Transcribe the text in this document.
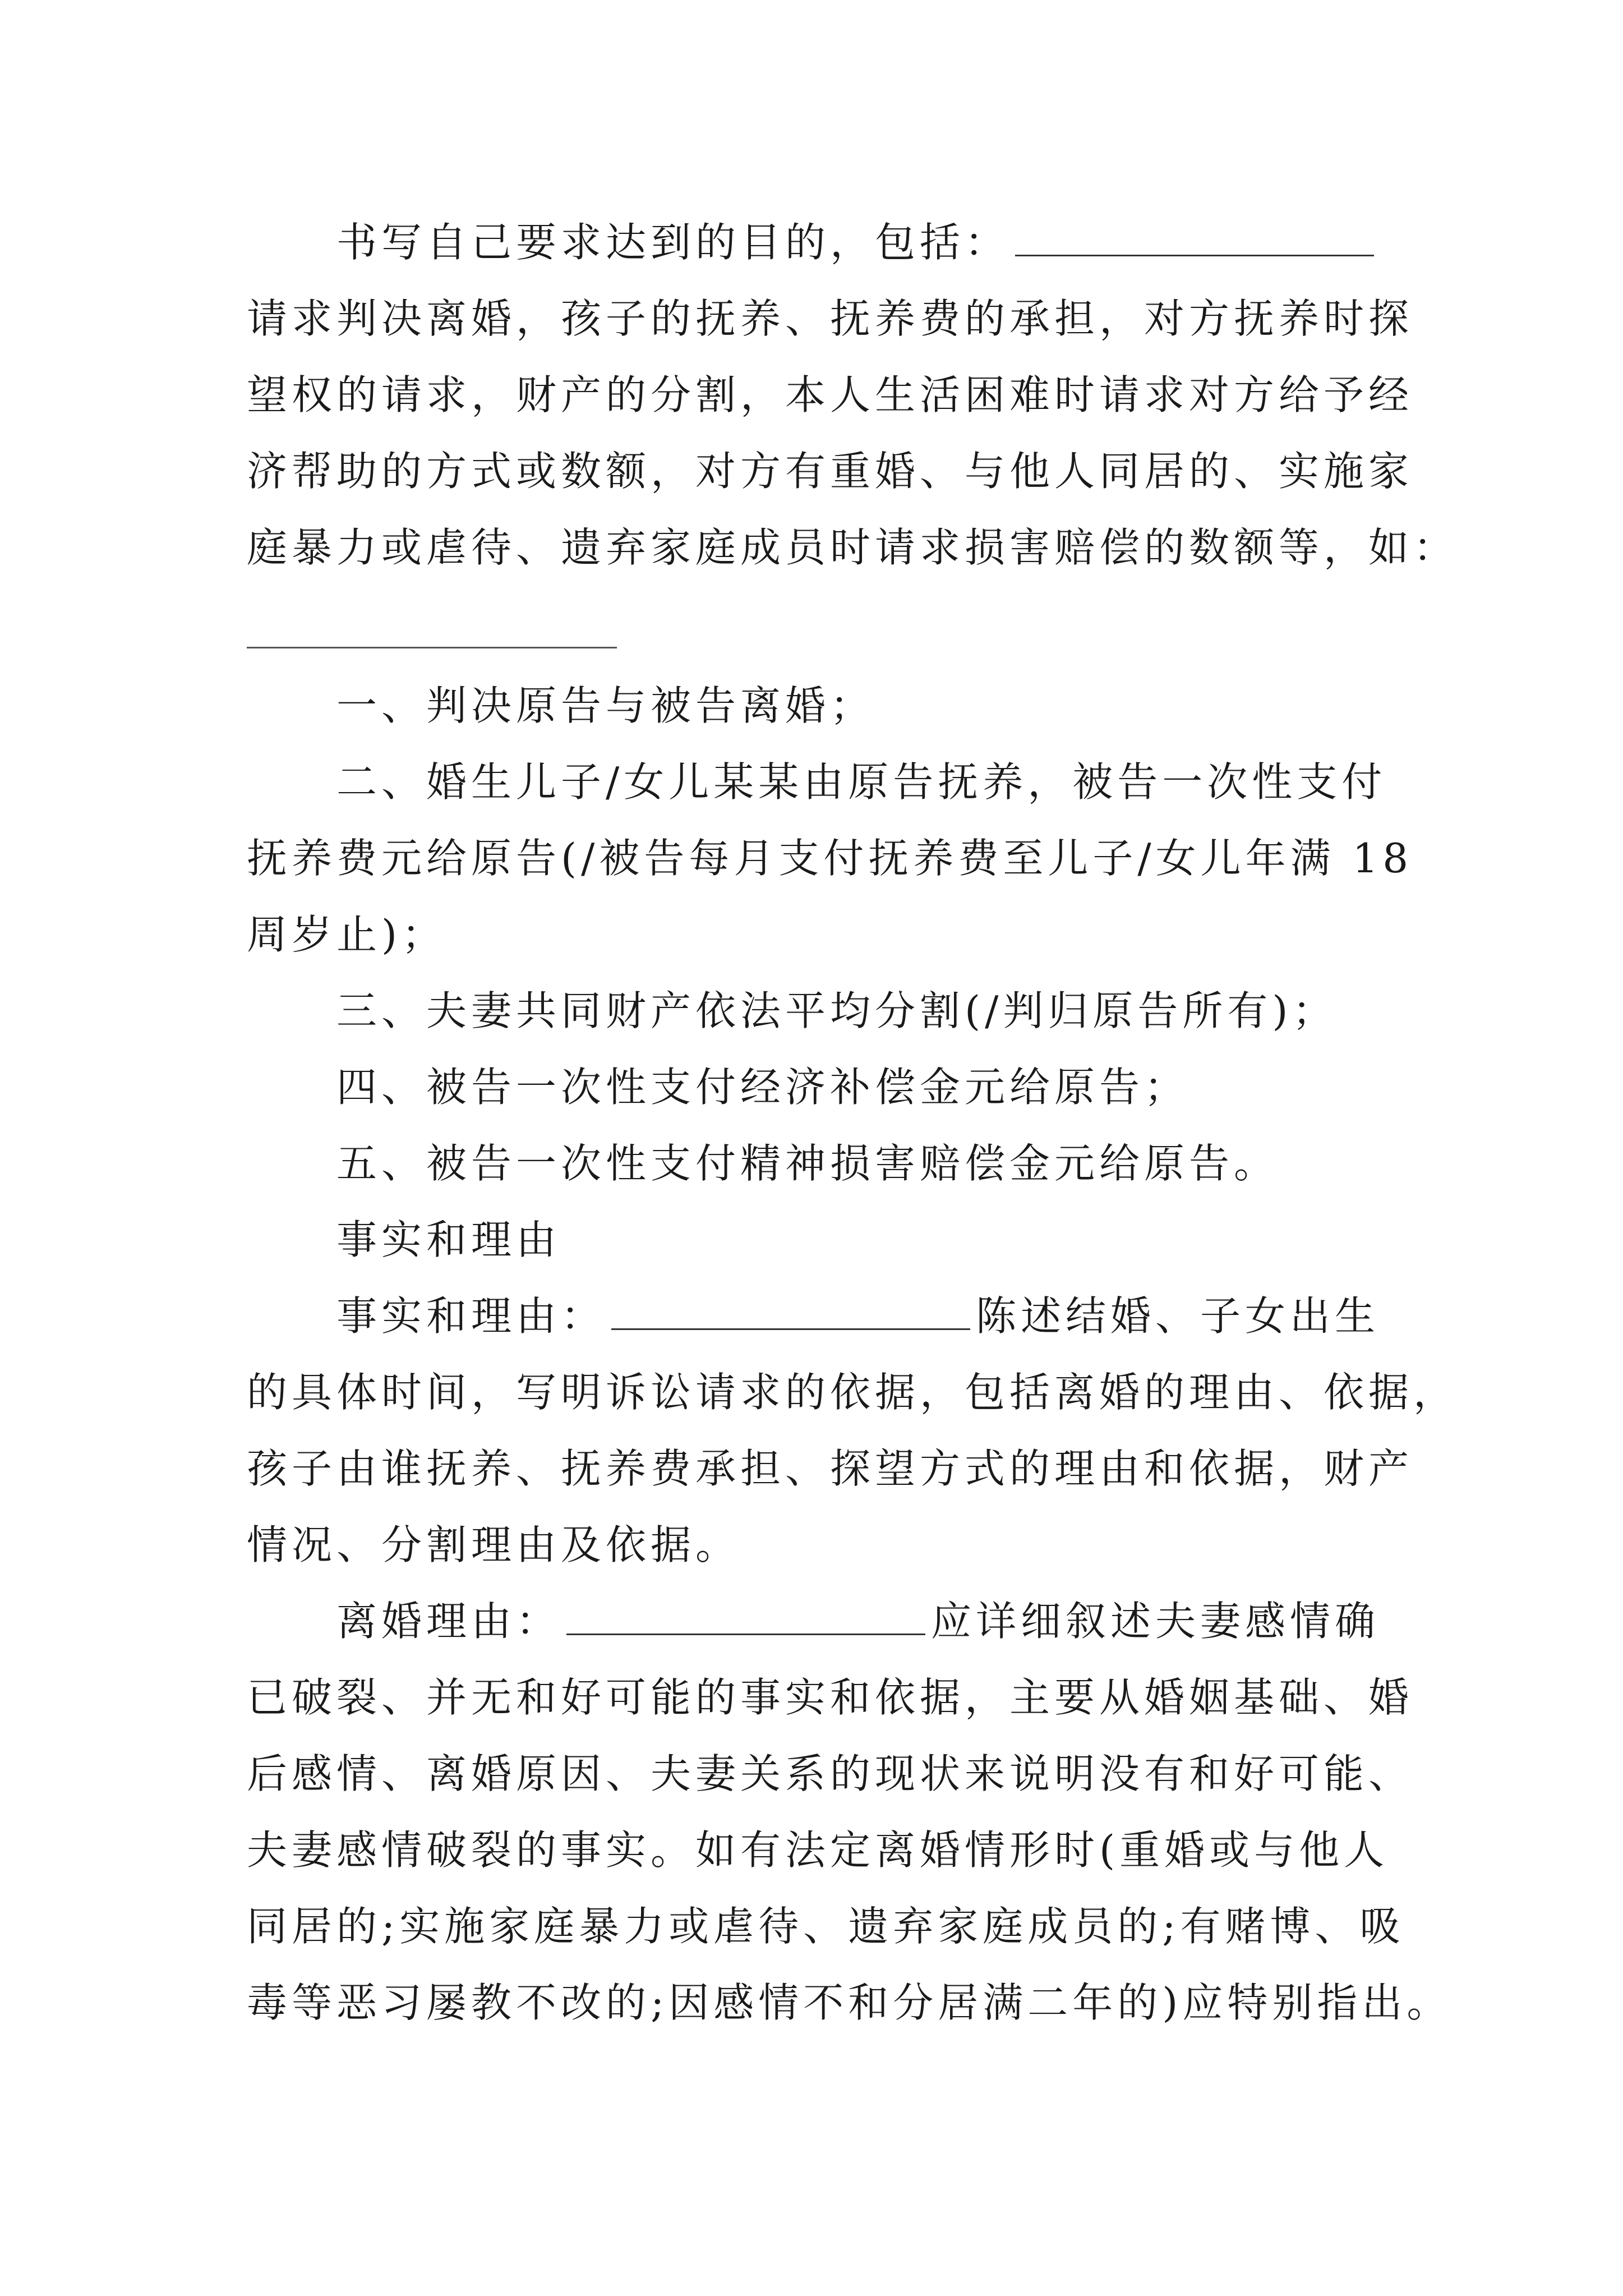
书写自己要求达到的目的，包括：
请求判决离婚，孩子的抚养、抚养费的承担，对方抚养时探
望权的请求，财产的分割，本人生活困难时请求对方给予经
济帮助的方式或数额，对方有重婚、与他人同居的、实施家
庭暴力或虐待、遗弃家庭成员时请求损害赔偿的数额等，如：
一、判决原告与被告离婚；
二、婚生儿子/女儿某某由原告抚养，被告一次性支付
抚养费元给原告(/被告每月支付抚养费至儿子/女儿年满 18
周岁止)；
三、夫妻共同财产依法平均分割(/判归原告所有)；
四、被告一次性支付经济补偿金元给原告；
五、被告一次性支付精神损害赔偿金元给原告。
事实和理由
事实和理由：	陈述结婚、子女出生
的具体时间，写明诉讼请求的依据，包括离婚的理由、依据，
孩子由谁抚养、抚养费承担、探望方式的理由和依据，财产
情况、分割理由及依据。
离婚理由：	应详细叙述夫妻感情确
已破裂、并无和好可能的事实和依据，主要从婚姻基础、婚
后感情、离婚原因、夫妻关系的现状来说明没有和好可能、
夫妻感情破裂的事实。如有法定离婚情形时(重婚或与他人
同居的;实施家庭暴力或虐待、遗弃家庭成员的;有赌博、吸
毒等恶习屡教不改的;因感情不和分居满二年的)应特别指出。
